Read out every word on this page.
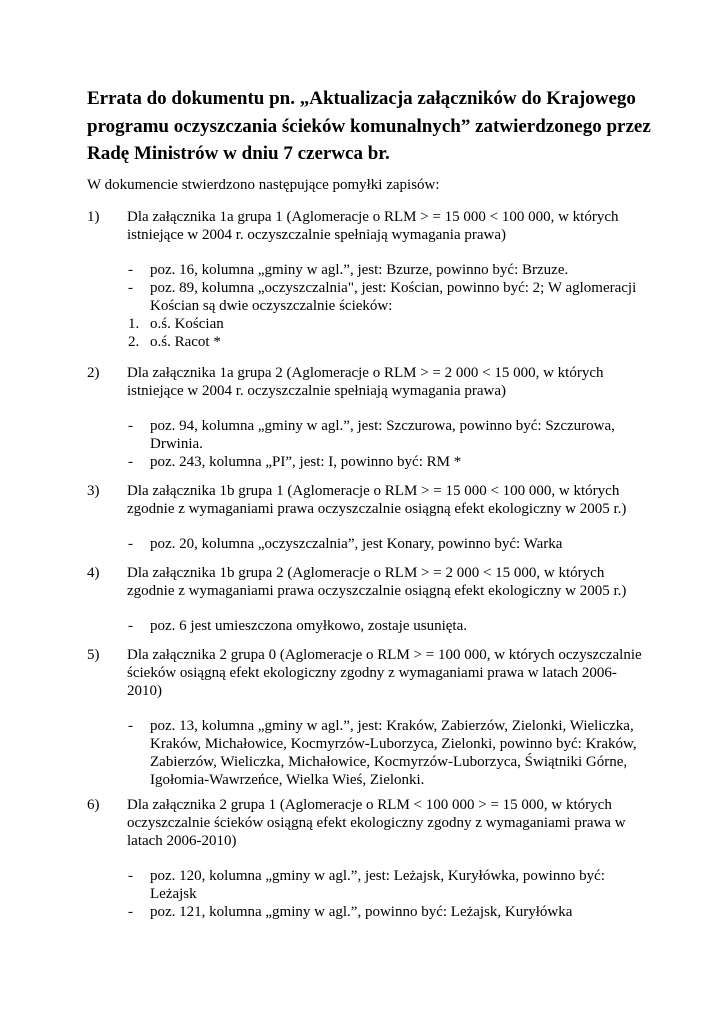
Errata do dokumentu pn. „Aktualizacja załączników do Krajowego programu oczyszczania ścieków komunalnych” zatwierdzonego przez Radę Ministrów w dniu 7 czerwca br.
W dokumencie stwierdzono następujące pomyłki zapisów:
1) Dla załącznika 1a grupa 1 (Aglomeracje o RLM > = 15 000 < 100 000, w których istniejące w 2004 r. oczyszczalnie spełniają wymagania prawa)
- poz. 16, kolumna „gminy w agl.”, jest: Bzurze, powinno być: Brzuze.
- poz. 89, kolumna „oczyszczalnia", jest: Kościan, powinno być: 2; W aglomeracji Kościan są dwie oczyszczalnie ścieków:
1. o.ś. Kościan
2. o.ś. Racot *
2) Dla załącznika 1a grupa 2 (Aglomeracje o RLM > = 2 000 < 15 000, w których istniejące w 2004 r. oczyszczalnie spełniają wymagania prawa)
- poz. 94, kolumna „gminy w agl.”, jest: Szczurowa, powinno być: Szczurowa, Drwinia.
- poz. 243, kolumna „PI”, jest: I, powinno być: RM *
3) Dla załącznika 1b grupa 1 (Aglomeracje o RLM > = 15 000 < 100 000, w których zgodnie z wymaganiami prawa oczyszczalnie osiągną efekt ekologiczny w 2005 r.)
- poz. 20, kolumna „oczyszczalnia”, jest Konary, powinno być: Warka
4) Dla załącznika 1b grupa 2 (Aglomeracje o RLM > = 2 000 < 15 000, w których zgodnie z wymaganiami prawa oczyszczalnie osiągną efekt ekologiczny w 2005 r.)
- poz. 6 jest umieszczona omyłkowo, zostaje usunięta.
5) Dla załącznika 2 grupa 0 (Aglomeracje o RLM > = 100 000, w których oczyszczalnie ścieków osiągną efekt ekologiczny zgodny z wymaganiami prawa w latach 2006-2010)
- poz. 13, kolumna „gminy w agl.”, jest: Kraków, Zabierzów, Zielonki, Wieliczka, Kraków, Michałowice, Kocmyrzów-Luborzyca, Zielonki, powinno być: Kraków, Zabierzów, Wieliczka, Michałowice, Kocmyrzów-Luborzyca, Świątniki Górne, Igołomia-Wawrzeńce, Wielka Wieś, Zielonki.
6) Dla załącznika 2 grupa 1 (Aglomeracje o RLM < 100 000 > = 15 000, w których oczyszczalnie ścieków osiągną efekt ekologiczny zgodny z wymaganiami prawa w latach 2006-2010)
- poz. 120, kolumna „gminy w agl.”, jest: Leżajsk, Kuryłówka, powinno być: Leżajsk
- poz. 121, kolumna „gminy w agl.”, powinno być: Leżajsk, Kuryłówka
